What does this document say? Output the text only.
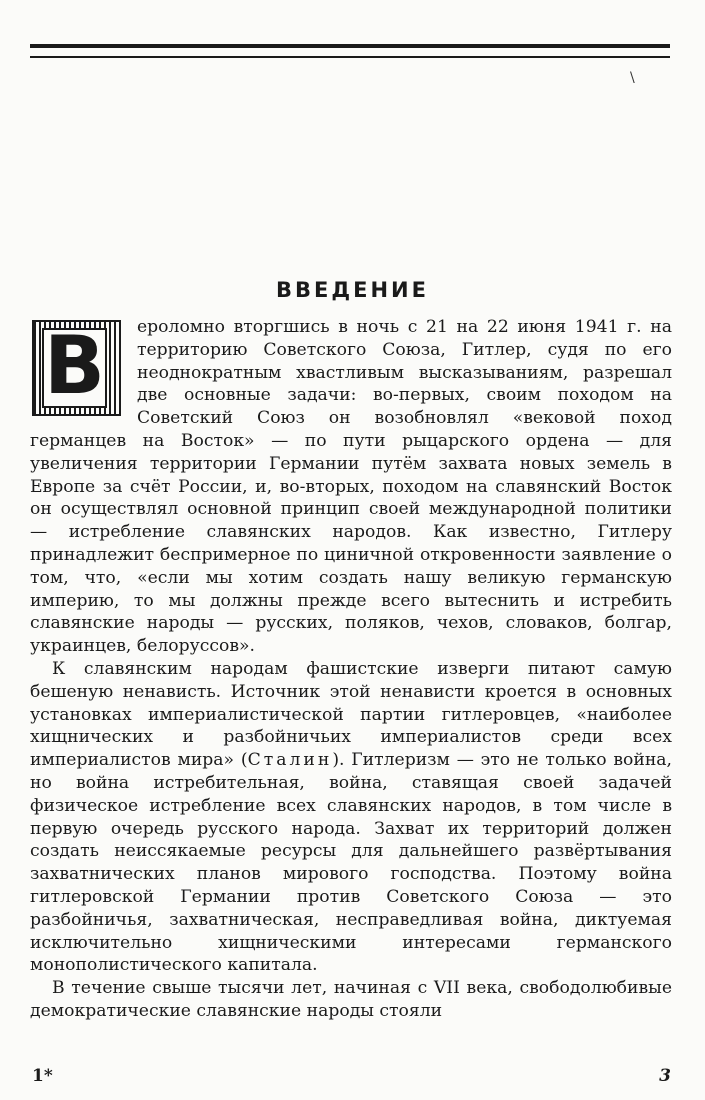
\
ВВЕДЕНИЕ

В ероломно вторгшись в ночь с 21 на 22 июня 1941 г. на территорию Советского Союза, Гитлер, судя по его неоднократным хвастливым высказываниям, разрешал две основные задачи: во-первых, своим походом на Советский Союз он возобновлял «вековой поход германцев на Восток» — по пути рыцарского ордена — для увеличения территории Германии путём захвата новых земель в Европе за счёт России, и, во-вторых, походом на славянский Восток он осуществлял основной принцип своей международной политики — истребление славянских народов. Как известно, Гитлеру принадлежит беспримерное по циничной откровенности заявление о том, что, «если мы хотим создать нашу великую германскую империю, то мы должны прежде всего вытеснить и истребить славянские народы — русских, поляков, чехов, словаков, болгар, украинцев, белоруссов».

К славянским народам фашистские изверги питают самую бешеную ненависть. Источник этой ненависти кроется в основных установках империалистической партии гитлеровцев, «наиболее хищнических и разбойничьих империалистов среди всех империалистов мира» (Сталин). Гитлеризм — это не только война, но война истребительная, война, ставящая своей задачей физическое истребление всех славянских народов, в том числе в первую очередь русского народа. Захват их территорий должен создать неиссякаемые ресурсы для дальнейшего развёртывания захватнических планов мирового господства. Поэтому война гитлеровской Германии против Советского Союза — это разбойничья, захватническая, несправедливая война, диктуемая исключительно хищническими интересами германского монополистического капитала.

В течение свыше тысячи лет, начиная с VII века, свободолюбивые демократические славянские народы стояли

1*	3
